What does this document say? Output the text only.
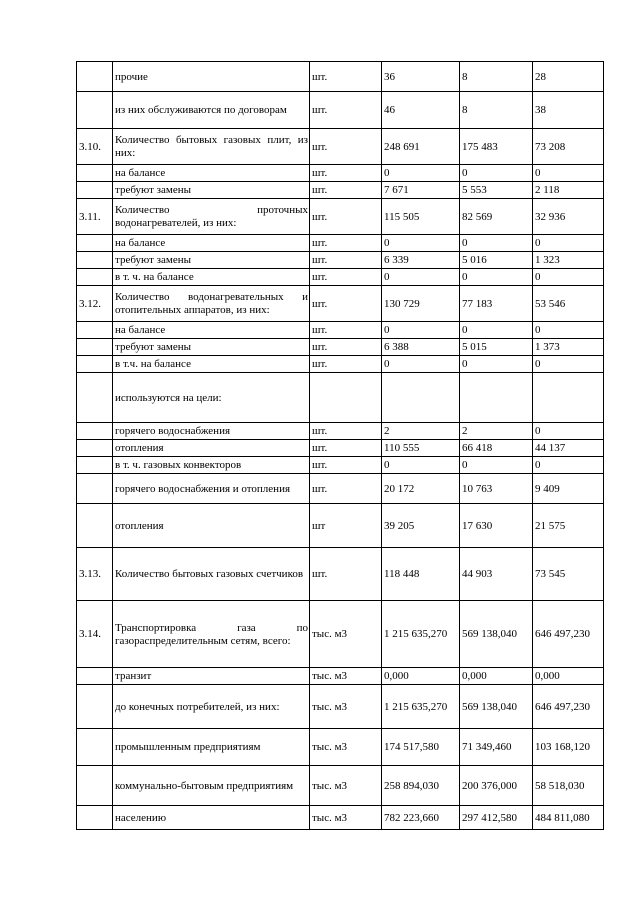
	прочие	шт.	36	8	28
	из них обслуживаются по договорам	шт.	46	8	38
3.10.	Количество бытовых газовых плит, из них:	шт.	248 691	175 483	73 208
	на балансе	шт.	0	0	0
	требуют замены	шт.	7 671	5 553	2 118
3.11.	Количество проточных водонагревателей, из них:	шт.	115 505	82 569	32 936
	на балансе	шт.	0	0	0
	требуют замены	шт.	6 339	5 016	1 323
	в т. ч. на балансе	шт.	0	0	0
3.12.	Количество водонагревательных и отопительных аппаратов, из них:	шт.	130 729	77 183	53 546
	на балансе	шт.	0	0	0
	требуют замены	шт.	6 388	5 015	1 373
	в т.ч. на балансе	шт.	0	0	0
	используются на цели:				
	горячего водоснабжения	шт.	2	2	0
	отопления	шт.	110 555	66 418	44 137
	в т. ч. газовых конвекторов	шт.	0	0	0
	горячего водоснабжения и отопления	шт.	20 172	10 763	9 409
	отопления	шт	39 205	17 630	21 575
3.13.	Количество бытовых газовых счетчиков	шт.	118 448	44 903	73 545
3.14.	Транспортировка газа по газораспределительным сетям, всего:	тыс. м3	1 215 635,270	569 138,040	646 497,230
	транзит	тыс. м3	0,000	0,000	0,000
	до конечных потребителей, из них:	тыс. м3	1 215 635,270	569 138,040	646 497,230
	промышленным предприятиям	тыс. м3	174 517,580	71 349,460	103 168,120
	коммунально-бытовым предприятиям	тыс. м3	258 894,030	200 376,000	58 518,030
	населению	тыс. м3	782 223,660	297 412,580	484 811,080
